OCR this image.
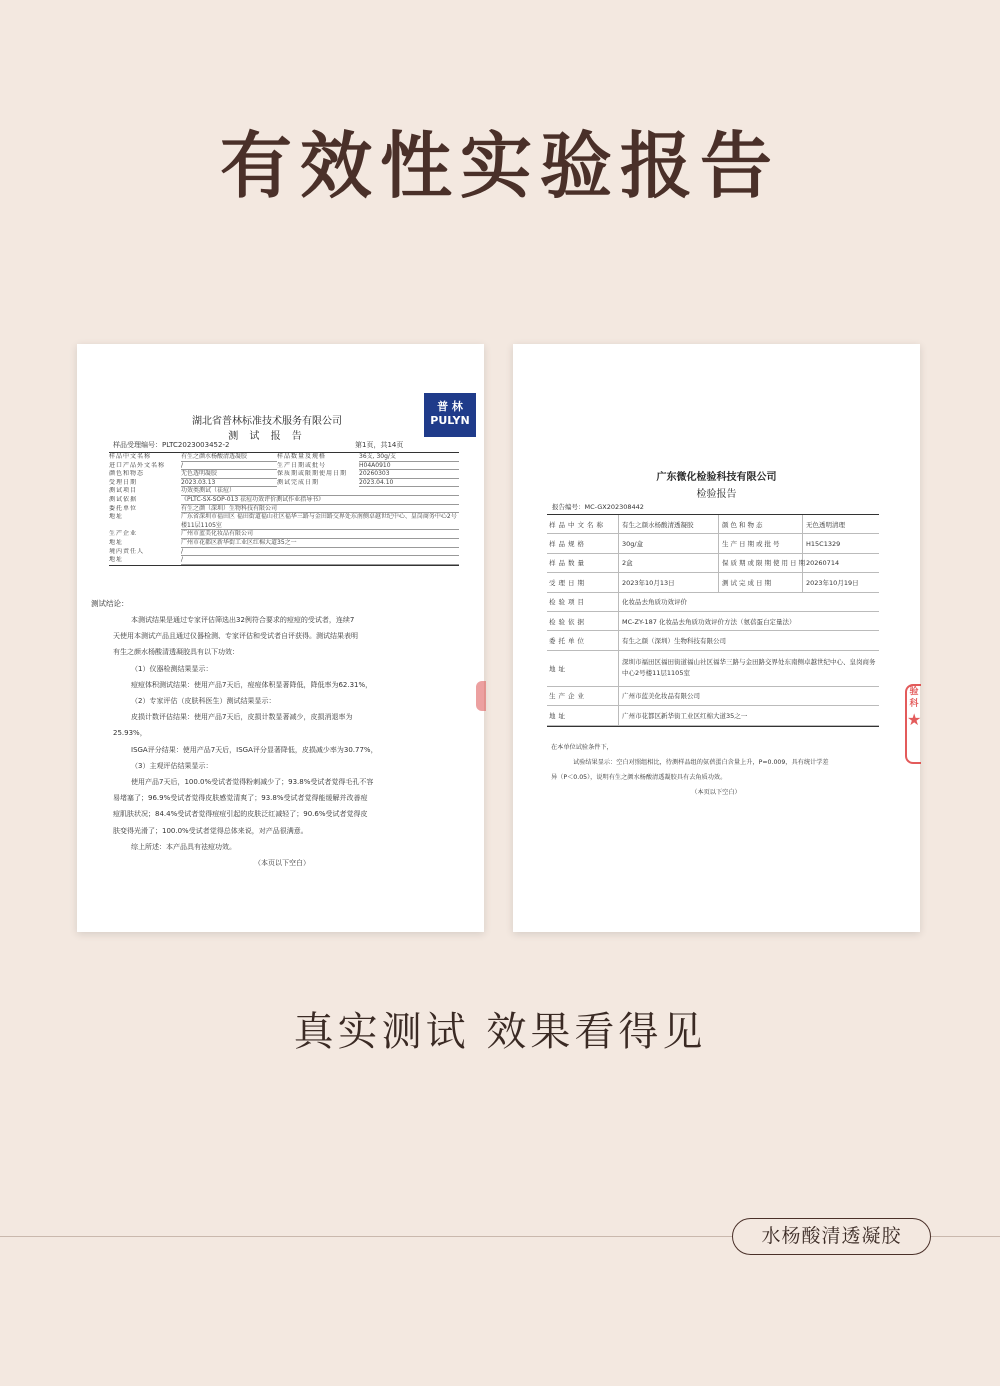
有效性实验报告
普 林
PULYN
湖北省普林标准技术服务有限公司
测 试 报 告
样品受理编号：PLTC2023003452-2	第1页，共14页
样品中文名称	有生之颜水杨酸清透凝胶	样品数量及规格	36支, 30g/支
进口产品外文名称	/	生产日期或批号	H04A0910
颜色和物态	无色透明凝胶	保质期或限期使用日期	20260303
受理日期	2023.03.13	测试完成日期	2023.04.10
测试项目	功效类测试（祛痘）
测试依据	《PLTC-SX-SOP-013 祛痘功效评价测试作业指导书》
委托单位	有生之颜（深圳）生物科技有限公司
地址	广东省深圳市福田区 福田街道福山社区福华三路与金田路交界处东南侧卓越世纪中心、皇岗商务中心2号楼11层1105室
生产企业	广州市蓝美化妆品有限公司
地址	广州市花都区新华街工业区红棉大道35之一
境内责任人	/
地址	/
测试结论：

本测试结果是通过专家评估筛选出32例符合要求的痘痘的受试者，连续7

天使用本测试产品且通过仪器检测、专家评估和受试者自评获得。测试结果表明

有生之颜水杨酸清透凝胶具有以下功效：

（1）仪器检测结果显示：

痘痘体积测试结果：使用产品7天后，痘痘体积显著降低，降低率为62.31%，

（2）专家评估（皮肤科医生）测试结果显示：

皮损计数评估结果：使用产品7天后，皮损计数显著减少，皮损消退率为

25.93%，

ISGA评分结果：使用产品7天后，ISGA评分显著降低，皮损减少率为30.77%，

（3）主观评估结果显示：

使用产品7天后，100.0%受试者觉得粉刺减少了；93.8%受试者觉得毛孔不容

易堵塞了；96.9%受试者觉得皮肤感觉清爽了；93.8%受试者觉得能缓解并改善痘

痘肌肤状况；84.4%受试者觉得痘痘引起的皮肤泛红减轻了；90.6%受试者觉得皮

肤变得光滑了；100.0%受试者觉得总体来说，对产品很满意。

综上所述：本产品具有祛痘功效。

（本页以下空白）

广东微化检验科技有限公司
检验报告
报告编号：MC-GX202308442
样品中文名称	有生之颜水杨酸清透凝胶	颜色和物态	无色透明清理
样品规格	30g/盒	生产日期或批号	H15C1329
样品数量	2盒	保质期或限期使用日期 20260714
受理日期	2023年10月13日	测试完成日期	2023年10月19日
检验项目	化妆品去角质功效评价
检验依据	MC-ZY-187 化妆品去角质功效评价方法（氨蓓蛋白定量法）
委托单位	有生之颜（深圳）生物科技有限公司
地址
深圳市福田区福田街道福山社区福华三路与金田路交界处东南侧卓越世纪中心、皇岗商务中心2号楼11层1105室
生产企业	广州市蓝美化妆品有限公司
地址	广州市花都区新华街工业区红棉大道35之一

在本单位试验条件下，

试验结果显示：空白对照组相比，待测样品组的氨蓓蛋白含量上升，P=0.009，具有统计学差

异（P＜0.05），说明有生之颜水杨酸清透凝胶具有去角质功效。

（本页以下空白）

验科
★
真实测试 效果看得见
水杨酸清透凝胶
